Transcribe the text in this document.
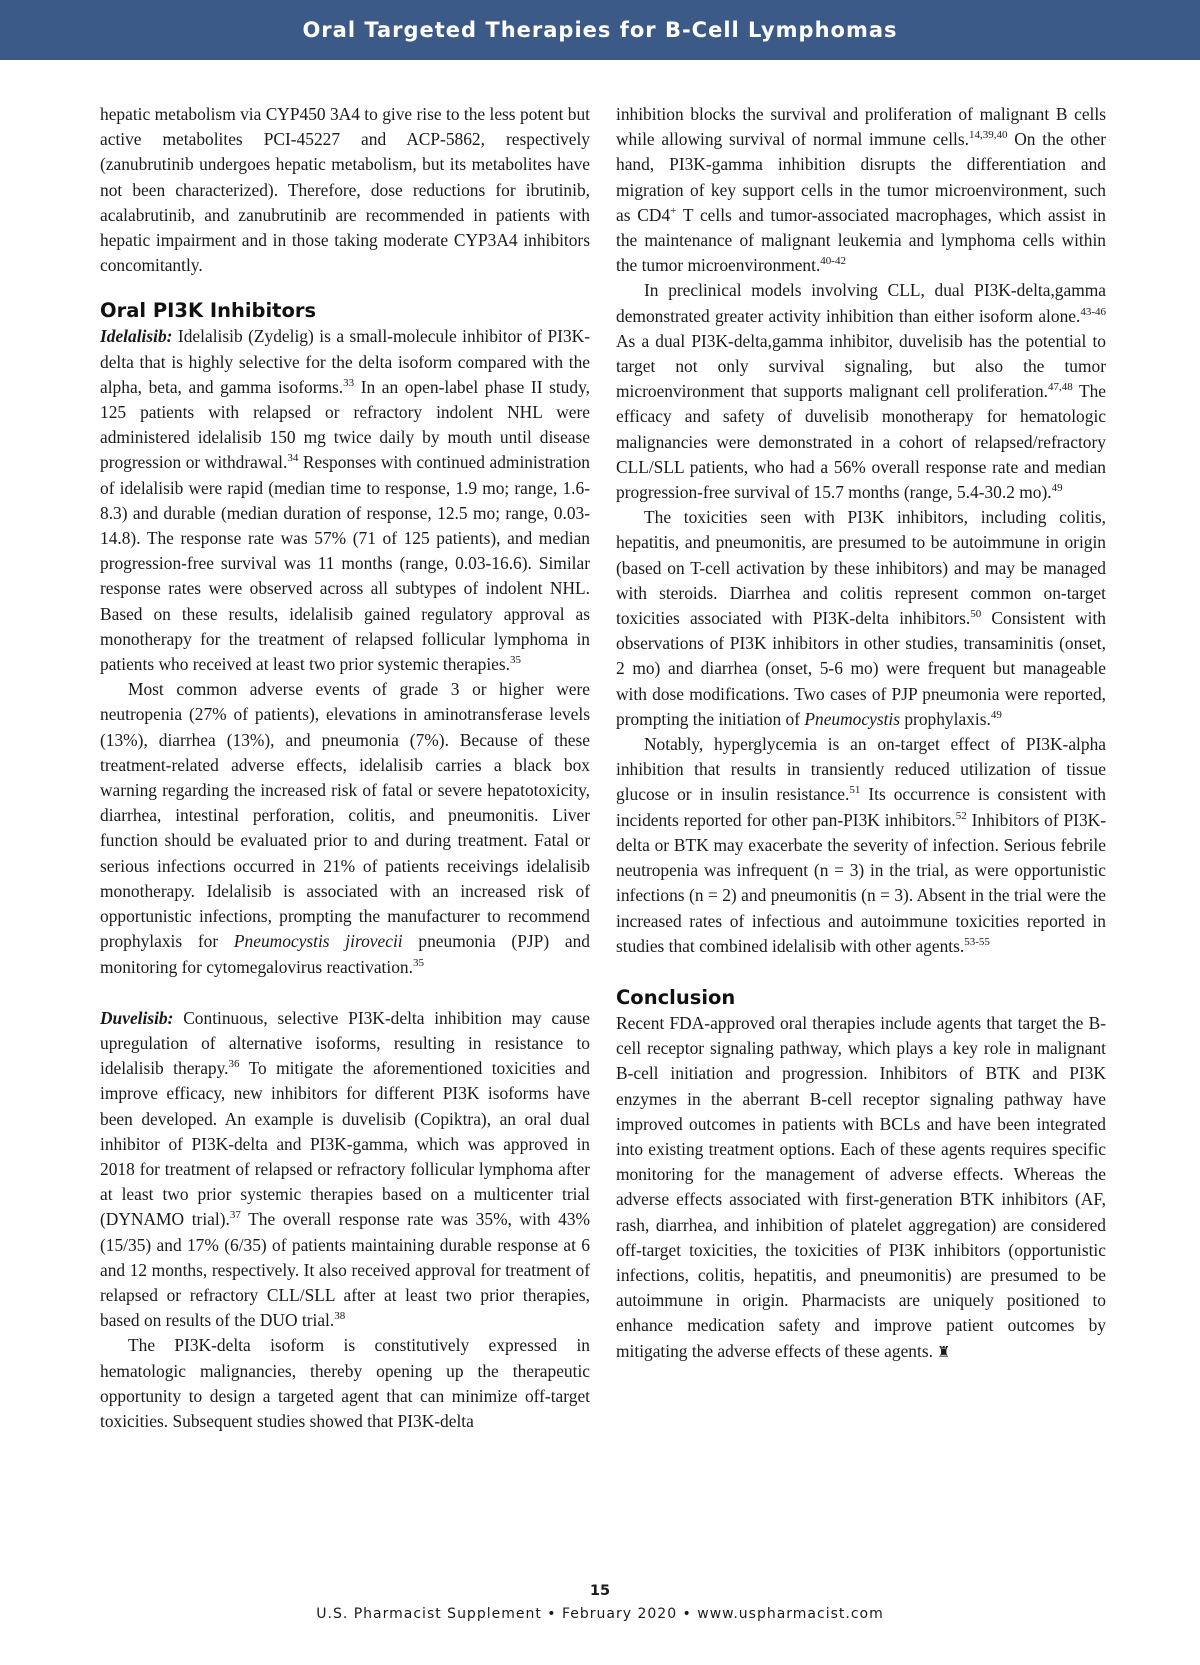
Oral Targeted Therapies for B-Cell Lymphomas

hepatic metabolism via CYP450 3A4 to give rise to the less potent but active metabolites PCI-45227 and ACP-5862, respectively (zanubrutinib undergoes hepatic metabolism, but its metabolites have not been characterized). Therefore, dose reductions for ibrutinib, acalabrutinib, and zanubrutinib are recommended in patients with hepatic impairment and in those taking moderate CYP3A4 inhibitors concomitantly.

Oral PI3K Inhibitors

Idelalisib: Idelalisib (Zydelig) is a small-molecule inhibitor of PI3K-delta that is highly selective for the delta isoform compared with the alpha, beta, and gamma isoforms.$^{33}$ In an open-label phase II study, 125 patients with relapsed or refractory indolent NHL were administered idelalisib 150 mg twice daily by mouth until disease progression or withdrawal.$^{34}$ Responses with continued administration of idelalisib were rapid (median time to response, 1.9 mo; range, 1.6-8.3) and durable (median duration of response, 12.5 mo; range, 0.03-14.8). The response rate was 57% (71 of 125 patients), and median progression-free survival was 11 months (range, 0.03-16.6). Similar response rates were observed across all subtypes of indolent NHL. Based on these results, idelalisib gained regulatory approval as monotherapy for the treatment of relapsed follicular lymphoma in patients who received at least two prior systemic therapies.$^{35}$

Most common adverse events of grade 3 or higher were neutropenia (27% of patients), elevations in aminotransferase levels (13%), diarrhea (13%), and pneumonia (7%). Because of these treatment-related adverse effects, idelalisib carries a black box warning regarding the increased risk of fatal or severe hepatotoxicity, diarrhea, intestinal perforation, colitis, and pneumonitis. Liver function should be evaluated prior to and during treatment. Fatal or serious infections occurred in 21% of patients receivings idelalisib monotherapy. Idelalisib is associated with an increased risk of opportunistic infections, prompting the manufacturer to recommend prophylaxis for Pneumocystis jirovecii pneumonia (PJP) and monitoring for cytomegalovirus reactivation.$^{35}$

Duvelisib: Continuous, selective PI3K-delta inhibition may cause upregulation of alternative isoforms, resulting in resistance to idelalisib therapy.$^{36}$ To mitigate the aforementioned toxicities and improve efficacy, new inhibitors for different PI3K isoforms have been developed. An example is duvelisib (Copiktra), an oral dual inhibitor of PI3K-delta and PI3K-gamma, which was approved in 2018 for treatment of relapsed or refractory follicular lymphoma after at least two prior systemic therapies based on a multicenter trial (DYNAMO trial).$^{37}$ The overall response rate was 35%, with 43% (15/35) and 17% (6/35) of patients maintaining durable response at 6 and 12 months, respectively. It also received approval for treatment of relapsed or refractory CLL/SLL after at least two prior therapies, based on results of the DUO trial.$^{38}$

The PI3K-delta isoform is constitutively expressed in hematologic malignancies, thereby opening up the therapeutic opportunity to design a targeted agent that can minimize off-target toxicities. Subsequent studies showed that PI3K-delta

inhibition blocks the survival and proliferation of malignant B cells while allowing survival of normal immune cells.$^{14,39,40}$ On the other hand, PI3K-gamma inhibition disrupts the differentiation and migration of key support cells in the tumor microenvironment, such as CD4+ T cells and tumor-associated macrophages, which assist in the maintenance of malignant leukemia and lymphoma cells within the tumor microenvironment.$^{40-42}$

In preclinical models involving CLL, dual PI3K-delta,gamma demonstrated greater activity inhibition than either isoform alone.$^{43-46}$ As a dual PI3K-delta,gamma inhibitor, duvelisib has the potential to target not only survival signaling, but also the tumor microenvironment that supports malignant cell proliferation.$^{47,48}$ The efficacy and safety of duvelisib monotherapy for hematologic malignancies were demonstrated in a cohort of relapsed/refractory CLL/SLL patients, who had a 56% overall response rate and median progression-free survival of 15.7 months (range, 5.4-30.2 mo).$^{49}$

The toxicities seen with PI3K inhibitors, including colitis, hepatitis, and pneumonitis, are presumed to be autoimmune in origin (based on T-cell activation by these inhibitors) and may be managed with steroids. Diarrhea and colitis represent common on-target toxicities associated with PI3K-delta inhibitors.$^{50}$ Consistent with observations of PI3K inhibitors in other studies, transaminitis (onset, 2 mo) and diarrhea (onset, 5-6 mo) were frequent but manageable with dose modifications. Two cases of PJP pneumonia were reported, prompting the initiation of Pneumocystis prophylaxis.$^{49}$

Notably, hyperglycemia is an on-target effect of PI3K-alpha inhibition that results in transiently reduced utilization of tissue glucose or in insulin resistance.$^{51}$ Its occurrence is consistent with incidents reported for other pan-PI3K inhibitors.$^{52}$ Inhibitors of PI3K-delta or BTK may exacerbate the severity of infection. Serious febrile neutropenia was infrequent (n = 3) in the trial, as were opportunistic infections (n = 2) and pneumonitis (n = 3). Absent in the trial were the increased rates of infectious and autoimmune toxicities reported in studies that combined idelalisib with other agents.$^{53-55}$

Conclusion

Recent FDA-approved oral therapies include agents that target the B-cell receptor signaling pathway, which plays a key role in malignant B-cell initiation and progression. Inhibitors of BTK and PI3K enzymes in the aberrant B-cell receptor signaling pathway have improved outcomes in patients with BCLs and have been integrated into existing treatment options. Each of these agents requires specific monitoring for the management of adverse effects. Whereas the adverse effects associated with first-generation BTK inhibitors (AF, rash, diarrhea, and inhibition of platelet aggregation) are considered off-target toxicities, the toxicities of PI3K inhibitors (opportunistic infections, colitis, hepatitis, and pneumonitis) are presumed to be autoimmune in origin. Pharmacists are uniquely positioned to enhance medication safety and improve patient outcomes by mitigating the adverse effects of these agents. ♜

15
U.S. Pharmacist Supplement • February 2020 • www.uspharmacist.com
